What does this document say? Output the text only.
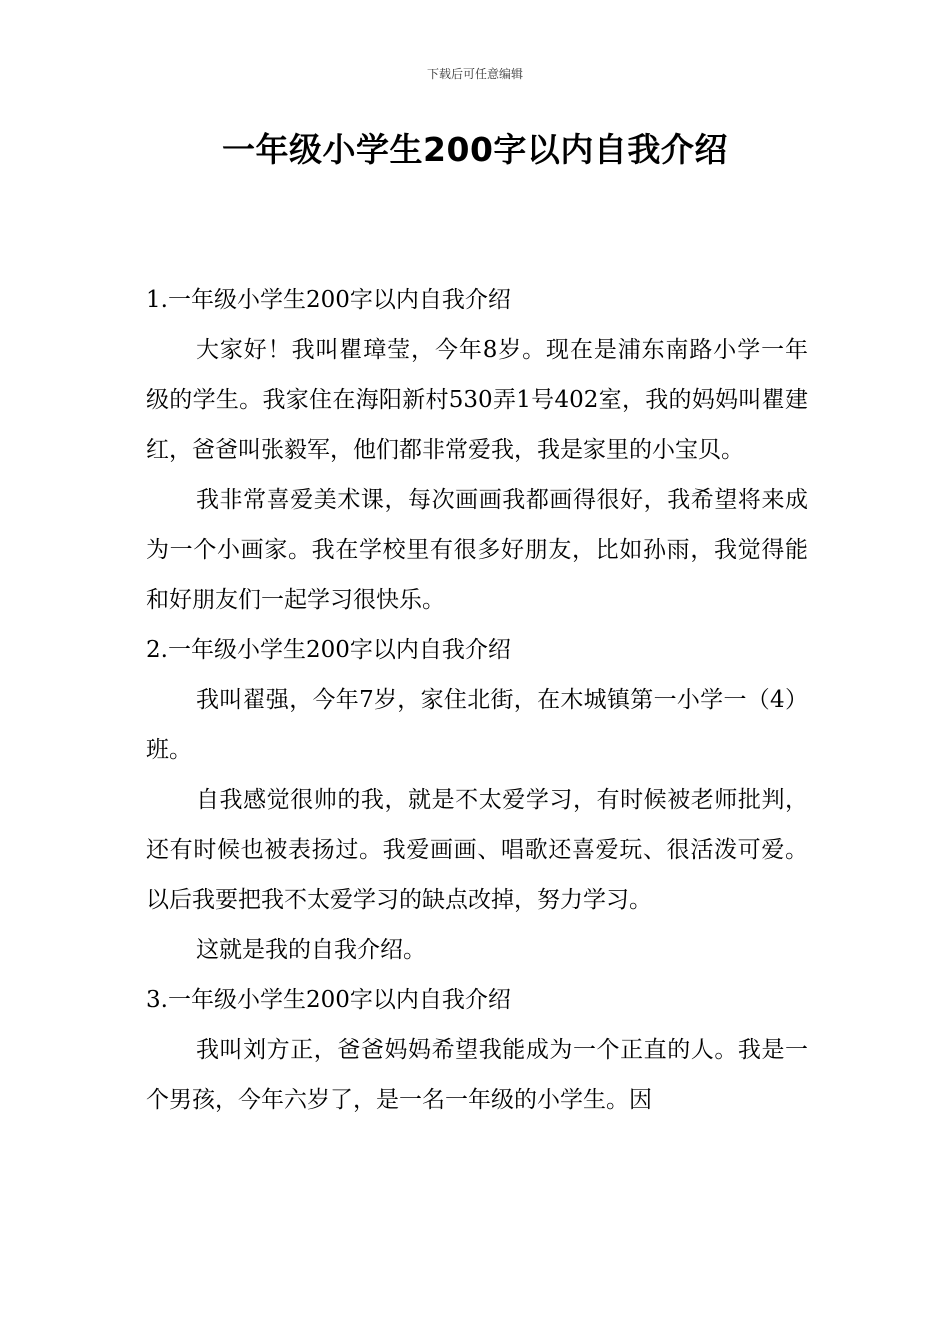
下载后可任意编辑
一年级小学生200字以内自我介绍

1.一年级小学生200字以内自我介绍

大家好！我叫瞿璋莹，今年8岁。现在是浦东南路小学一年级的学生。我家住在海阳新村530弄1号402室，我的妈妈叫瞿建红，爸爸叫张毅军，他们都非常爱我，我是家里的小宝贝。

我非常喜爱美术课，每次画画我都画得很好，我希望将来成为一个小画家。我在学校里有很多好朋友，比如孙雨，我觉得能和好朋友们一起学习很快乐。

2.一年级小学生200字以内自我介绍

我叫翟强，今年7岁，家住北街，在木城镇第一小学一（4）班。

自我感觉很帅的我，就是不太爱学习，有时候被老师批判，还有时候也被表扬过。我爱画画、唱歌还喜爱玩、很活泼可爱。以后我要把我不太爱学习的缺点改掉，努力学习。

这就是我的自我介绍。

3.一年级小学生200字以内自我介绍

我叫刘方正，爸爸妈妈希望我能成为一个正直的人。我是一个男孩，今年六岁了，是一名一年级的小学生。因
